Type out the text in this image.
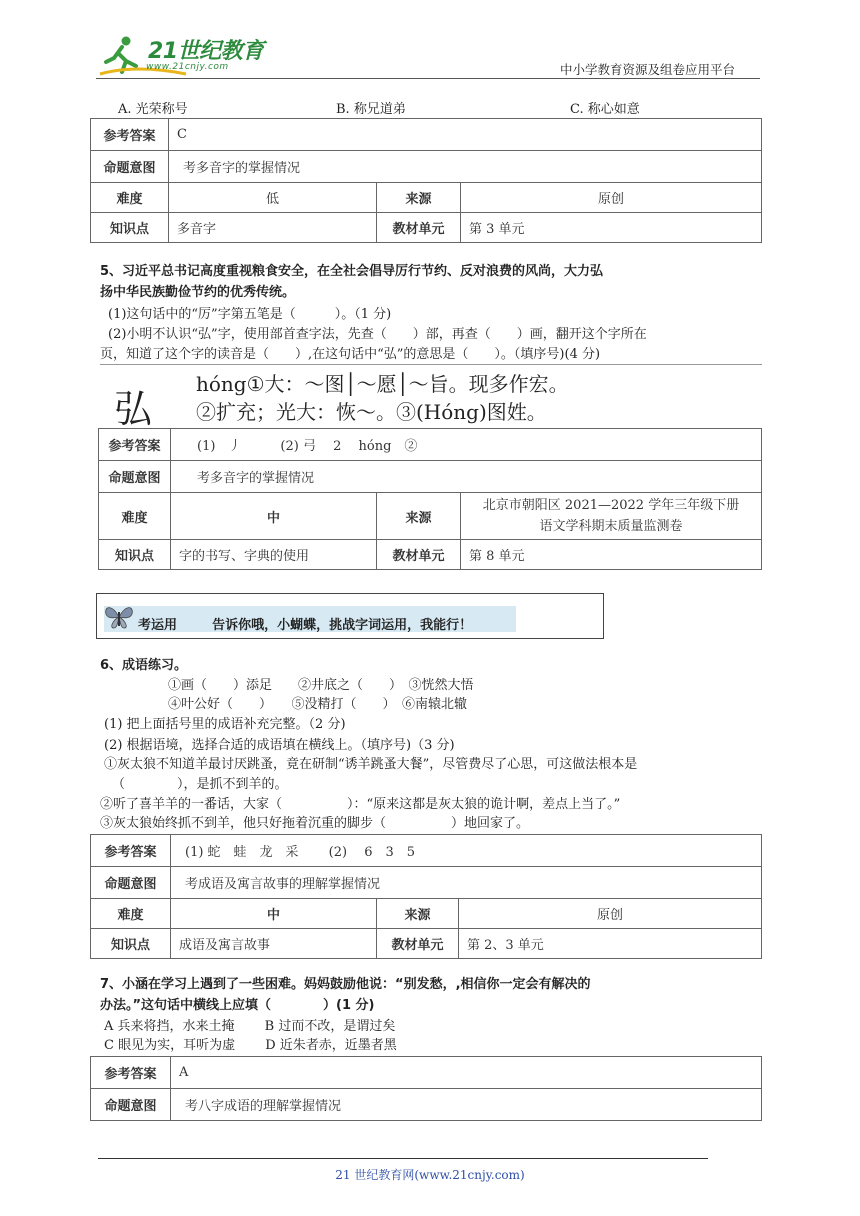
21世纪教育
www.21cnjy.com	中小学教育资源及组卷应用平台
A. 光荣称号	B. 称兄道弟	C. 称心如意
参考答案	C		
命题意图	考多音字的掌握情况		
难度	低	来源	原创
知识点	多音字	教材单元	第 3 单元
5、习近平总书记高度重视粮食安全，在全社会倡导厉行节约、反对浪费的风尚，大力弘
扬中华民族勤俭节约的优秀传统。
(1)这句话中的“厉”字第五笔是（　　　）。（1 分)
(2)小明不认识“弘”字，使用部首查字法，先查（　　）部，再查（　　）画，翻开这个字所在
页，知道了这个字的读音是（　　）,在这句话中“弘”的意思是（　　）。（填序号)(4 分)
弘
hóng①大：～图│～愿│～旨。现多作宏。
②扩充；光大：恢～。③(Hóng)图姓。
参考答案	(1)　丿　　　(2) 弓　 2　 hóng　②		
命题意图	考多音字的掌握情况		
难度	中	来源	北京市朝阳区 2021—2022 学年三年级下册
语文学科期末质量监测卷

知识点	字的书写、字典的使用	教材单元	第 8 单元
考运用	告诉你哦，小蝴蝶，挑战字词运用，我能行！
6、成语练习。
①画（　　）添足　　②井底之（　　）　③恍然大悟
④叶公好（　　）　　⑤没精打（　　）　⑥南辕北辙
(1) 把上面括号里的成语补充完整。（2 分)
(2) 根据语境，选择合适的成语填在横线上。（填序号)（3 分)
①灰太狼不知道羊最讨厌跳蚤，竟在研制“诱羊跳蚤大餐”，尽管费尽了心思，可这做法根本是
（　　　　），是抓不到羊的。
②听了喜羊羊的一番话，大家（　　　　　）：“原来这都是灰太狼的诡计啊，差点上当了。”
③灰太狼始终抓不到羊，他只好拖着沉重的脚步（　　　　　）地回家了。
参考答案	(1) 蛇　蛙　龙　采　　 (2)　 6　3　5		
命题意图	考成语及寓言故事的理解掌握情况		
难度	中	来源	原创
知识点	成语及寓言故事	教材单元	第 2、3 单元
7、小涵在学习上遇到了一些困难。妈妈鼓励他说：“别发愁，,相信你一定会有解决的
办法。”这句话中横线上应填（　　　　）(1 分)
A 兵来将挡，水来土掩　　 B 过而不改，是谓过矣
C 眼见为实，耳听为虚　　 D 近朱者赤，近墨者黑
参考答案	A
命题意图	考八字成语的理解掌握情况
21 世纪教育网(www.21cnjy.com)
